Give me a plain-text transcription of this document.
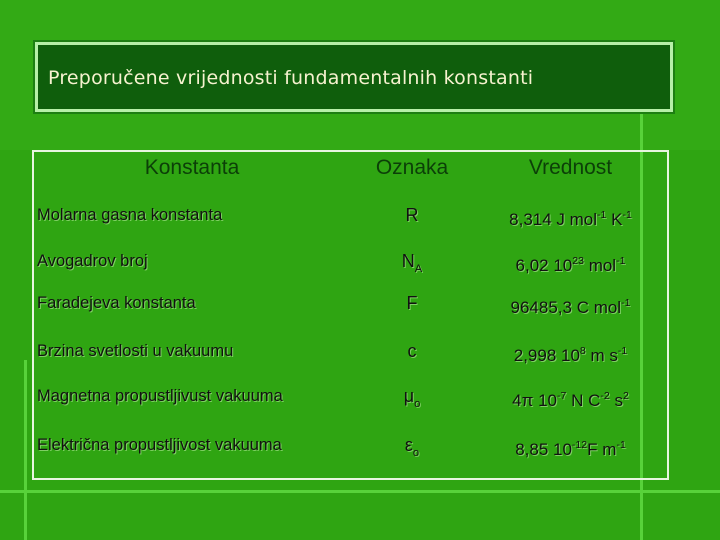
Preporučene vrijednosti fundamentalnih konstanti
Konstanta	Oznaka	Vrednost
Molarna gasna konstanta	R	8,314 J mol$^{-1}$ $K^{-1}$
Avogadrov broj	$N_A$	6,02 $10^{23}$ mol$^{-1}$
Faradejeva konstanta	F	96485,3 C mol$^{-1}$
Brzina svetlosti u vakuumu	c	2,998 $10^8$ m $s^{-1}$
Magnetna propustljivust vakuuma	$\mu_o$	4π $10^{-7}$ N $C^{-2}$ $s^2$
Električna propustljivost vakuuma	$\varepsilon_o$	8,85 $10^{-12}F$ $m^{-1}$
